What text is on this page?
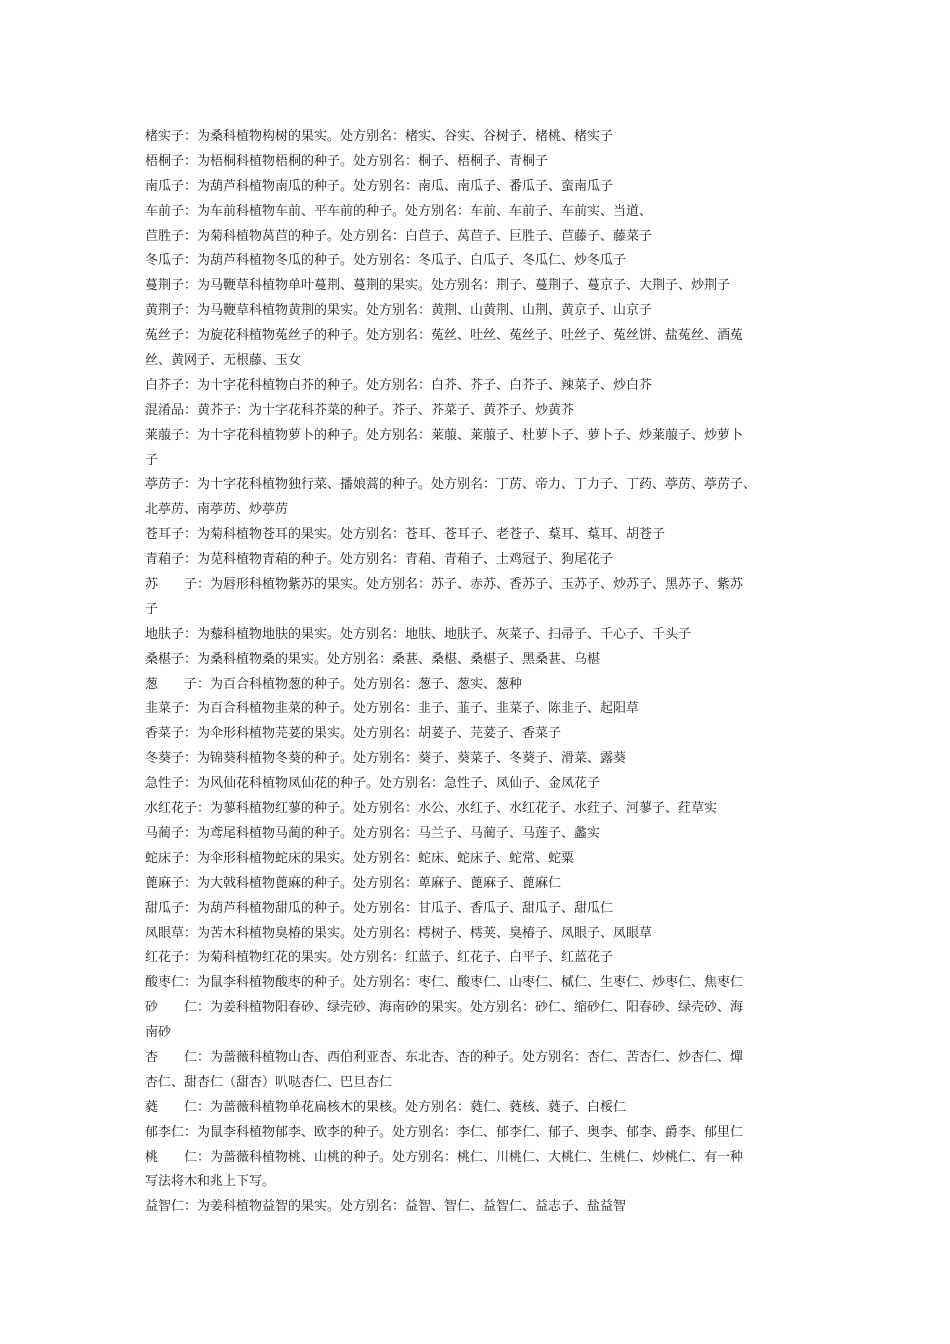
楮实子：为桑科植物构树的果实。处方别名：楮实、谷实、谷树子、楮桃、楮实子

梧桐子：为梧桐科植物梧桐的种子。处方别名：桐子、梧桐子、青桐子

南瓜子：为葫芦科植物南瓜的种子。处方别名：南瓜、南瓜子、番瓜子、蛮南瓜子

车前子：为车前科植物车前、平车前的种子。处方别名：车前、车前子、车前实、当道、

苣胜子：为菊科植物莴苣的种子。处方别名：白苣子、莴苣子、巨胜子、苣藤子、藤菜子

冬瓜子：为葫芦科植物冬瓜的种子。处方别名：冬瓜子、白瓜子、冬瓜仁、炒冬瓜子

蔓荆子：为马鞭草科植物单叶蔓荆、蔓荆的果实。处方别名：荆子、蔓荆子、蔓京子、大荆子、炒荆子

黄荆子：为马鞭草科植物黄荆的果实。处方别名：黄荆、山黄荆、山荆、黄京子、山京子

菟丝子：为旋花科植物菟丝子的种子。处方别名：菟丝、吐丝、菟丝子、吐丝子、菟丝饼、盐菟丝、酒菟

丝、黄网子、无根藤、玉女

白芥子：为十字花科植物白芥的种子。处方别名：白芥、芥子、白芥子、辣菜子、炒白芥

混淆品：黄芥子：为十字花科芥菜的种子。芥子、芥菜子、黄芥子、炒黄芥

莱菔子：为十字花科植物萝卜的种子。处方别名：莱菔、莱菔子、杜萝卜子、萝卜子、炒莱菔子、炒萝卜

子

葶苈子：为十字花科植物独行菜、播娘蒿的种子。处方别名：丁苈、帝力、丁力子、丁药、葶苈、葶苈子、

北葶苈、南葶苈、炒葶苈

苍耳子：为菊科植物苍耳的果实。处方别名：苍耳、苍耳子、老苍子、葈耳、葈耳、胡苍子

青葙子：为苋科植物青葙的种子。处方别名：青葙、青葙子、土鸡冠子、狗尾花子

苏　　子：为唇形科植物紫苏的果实。处方别名：苏子、赤苏、香苏子、玉苏子、炒苏子、黑苏子、紫苏

子

地肤子：为藜科植物地肤的果实。处方别名：地肤、地肤子、灰菜子、扫帚子、千心子、千头子

桑椹子：为桑科植物桑的果实。处方别名：桑葚、桑椹、桑椹子、黑桑葚、乌椹

葱　　子：为百合科植物葱的种子。处方别名：葱子、葱实、葱种

韭菜子：为百合科植物韭菜的种子。处方别名：韭子、韮子、韭菜子、陈韭子、起阳草

香菜子：为伞形科植物芫荽的果实。处方别名：胡荽子、芫荽子、香菜子

冬葵子：为锦葵科植物冬葵的种子。处方别名：葵子、葵菜子、冬葵子、滑菜、露葵

急性子：为风仙花科植物凤仙花的种子。处方别名：急性子、凤仙子、金凤花子

水红花子：为蓼科植物红蓼的种子。处方别名：水公、水红子、水红花子、水荭子、河蓼子、荭草实

马蔺子：为鸢尾科植物马蔺的种子。处方别名：马兰子、马蔺子、马莲子、蠡实

蛇床子：为伞形科植物蛇床的果实。处方别名：蛇床、蛇床子、蛇常、蛇粟

蓖麻子：为大戟科植物蓖麻的种子。处方别名：萆麻子、蓖麻子、蓖麻仁

甜瓜子：为葫芦科植物甜瓜的种子。处方别名：甘瓜子、香瓜子、甜瓜子、甜瓜仁

凤眼草：为苦木科植物臭椿的果实。处方别名：樗树子、樗荚、臭椿子、凤眼子、凤眼草

红花子：为菊科植物红花的果实。处方别名：红蓝子、红花子、白平子、红蓝花子

酸枣仁：为鼠李科植物酸枣的种子。处方别名：枣仁、酸枣仁、山枣仁、樲仁、生枣仁、炒枣仁、焦枣仁

砂　　仁：为姜科植物阳春砂、绿壳砂、海南砂的果实。处方别名：砂仁、缩砂仁、阳春砂、绿壳砂、海

南砂

杏　　仁：为蔷薇科植物山杏、西伯利亚杏、东北杏、杏的种子。处方别名：杏仁、苦杏仁、炒杏仁、燀

杏仁、甜杏仁（甜杏）叭哒杏仁、巴旦杏仁

蕤　　仁：为蔷薇科植物单花扁核木的果核。处方别名：蕤仁、蕤核、蕤子、白桵仁

郁李仁：为鼠李科植物郁李、欧李的种子。处方别名：李仁、郁李仁、郁子、奥李、郁李、爵李、郁里仁

桃　　仁：为蔷薇科植物桃、山桃的种子。处方别名：桃仁、川桃仁、大桃仁、生桃仁、炒桃仁、有一种

写法将木和兆上下写。

益智仁：为姜科植物益智的果实。处方别名：益智、智仁、益智仁、益志子、盐益智
